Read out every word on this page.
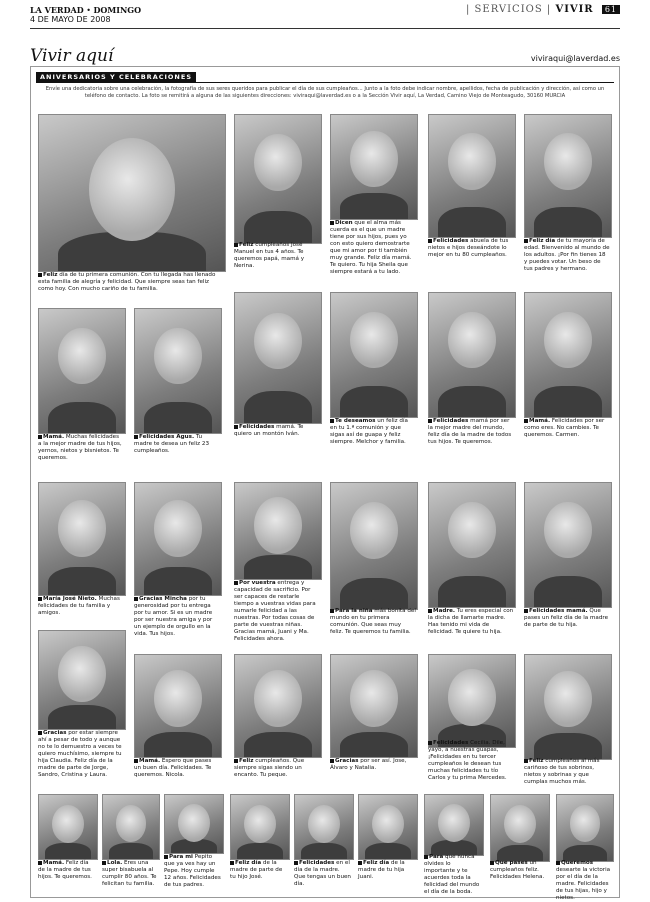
LA VERDAD • DOMINGO
4 DE MAYO DE 2008
| SERVICIOS | VIVIR 61
Vivir aquí	viviraqui@laverdad.es
ANIVERSARIOS Y CELEBRACIONES
Envíe una dedicatoria sobre una celebración, la fotografía de sus seres queridos para publicar el día de sus cumpleaños... Junto a la foto debe indicar nombre, apellidos, fecha de publicación y dirección, así como un teléfono de contacto. La foto se remitirá a alguna de las siguientes direcciones: viviraqui@laverdad.es o a la Sección Vivir aquí, La Verdad, Camino Viejo de Monteagudo, 30160 MURCIA
Feliz día de tu primera comunión. Con tu llegada has llenado esta familia de alegría y felicidad. Que siempre seas tan feliz como hoy. Con mucho cariño de tu familia.
Feliz cumpleaños José Manuel en tus 4 años. Te queremos papá, mamá y Nerina.
Dicen que el alma más cuerda es el que un madre tiene por sus hijos, pues yo con esto quiero demostrarte que mi amor por ti también muy grande. Feliz día mamá. Te quiero. Tu hija Sheila que siempre estará a tu lado.
Felicidades abuela de tus nietos e hijos deseándote lo mejor en tu 80 cumpleaños.
Feliz día de tu mayoría de edad. Bienvenido al mundo de los adultos. ¡Por fin tienes 18 y puedes votar. Un beso de tus padres y hermano.
Mamá. Muchas felicidades a la mejor madre de tus hijos, yernos, nietos y bisnietos. Te queremos.
Felicidades Agus. Tu madre te desea un feliz 23 cumpleaños.
Felicidades mamá. Te quiero un montón Iván.
Te deseamos un feliz día en tu 1.ª comunión y que sigas así de guapa y feliz siempre. Melchor y familia.
Felicidades mamá por ser la mejor madre del mundo, feliz día de la madre de todos tus hijos. Te queremos.
Mamá. Felicidades por ser como eres. No cambies. Te queremos. Carmen.
María José Nieto. Muchas felicidades de tu familia y amigos.
Gracias Mincha por tu generosidad por tu entrega por tu amor. Si es un madre por ser nuestra amiga y por un ejemplo de orgullo en la vida. Tus hijos.
Por vuestra entrega y capacidad de sacrificio. Por ser capaces de restarle tiempo a vuestras vidas para sumarle felicidad a las nuestras. Por todas cosas de parte de vuestras niñas. Gracias mamá, Juani y Ma. Felicidades ahora.
Para la niña más bonita del mundo en tu primera comunión. Que seas muy feliz. Te queremos tu familia.
Madre. Tu eres especial con la dicha de llamarte madre. Has tenido mi vida de felicidad. Te quiere tu hija.
Felicidades mamá. Que pases un feliz día de la madre de parte de tu hija.
Gracias por estar siempre ahí a pesar de todo y aunque no te lo demuestro a veces te quiero muchísimo, siempre tu hija Claudia. Feliz día de la madre de parte de Jorge, Sandro, Cristina y Laura.
Mamá. Espero que pases un buen día. Felicidades. Te queremos. Nicola.
Feliz cumpleaños. Que siempre sigas siendo un encanto. Tu peque.
Gracias por ser así. Jose, Álvaro y Natalia.
Felicidades Cecilia. Dile, yayo, a nuestras guapas, ¡Felicidades en tu tercer cumpleaños le desean tus muchas felicidades tu tío Carlos y tu prima Mercedes.
Feliz cumpleaños al más cariñoso de tus sobrinos, nietos y sobrinas y que cumplas muchos más.
Mamá. Feliz día de la madre de tus hijos. Te queremos.
Lola. Eres una super bisabuela al cumplir 80 años. Te felicitan tu familia.
Para mi Pepito que ya ves hay un Pepe. Hoy cumple 12 años. Felicidades de tus padres.
Feliz día de la madre de parte de tu hijo José.
Felicidades en el día de la madre. Que tengas un buen día.
Feliz día de la madre de tu hija Juani.
Para que nunca olvides lo importante y te acuerdes toda la felicidad del mundo el día de la boda.
Que pases un cumpleaños feliz. Felicidades Helena.
Queremos desearte la victoria por el día de la madre. Felicidades de tus hijas, hijo y nietos.
